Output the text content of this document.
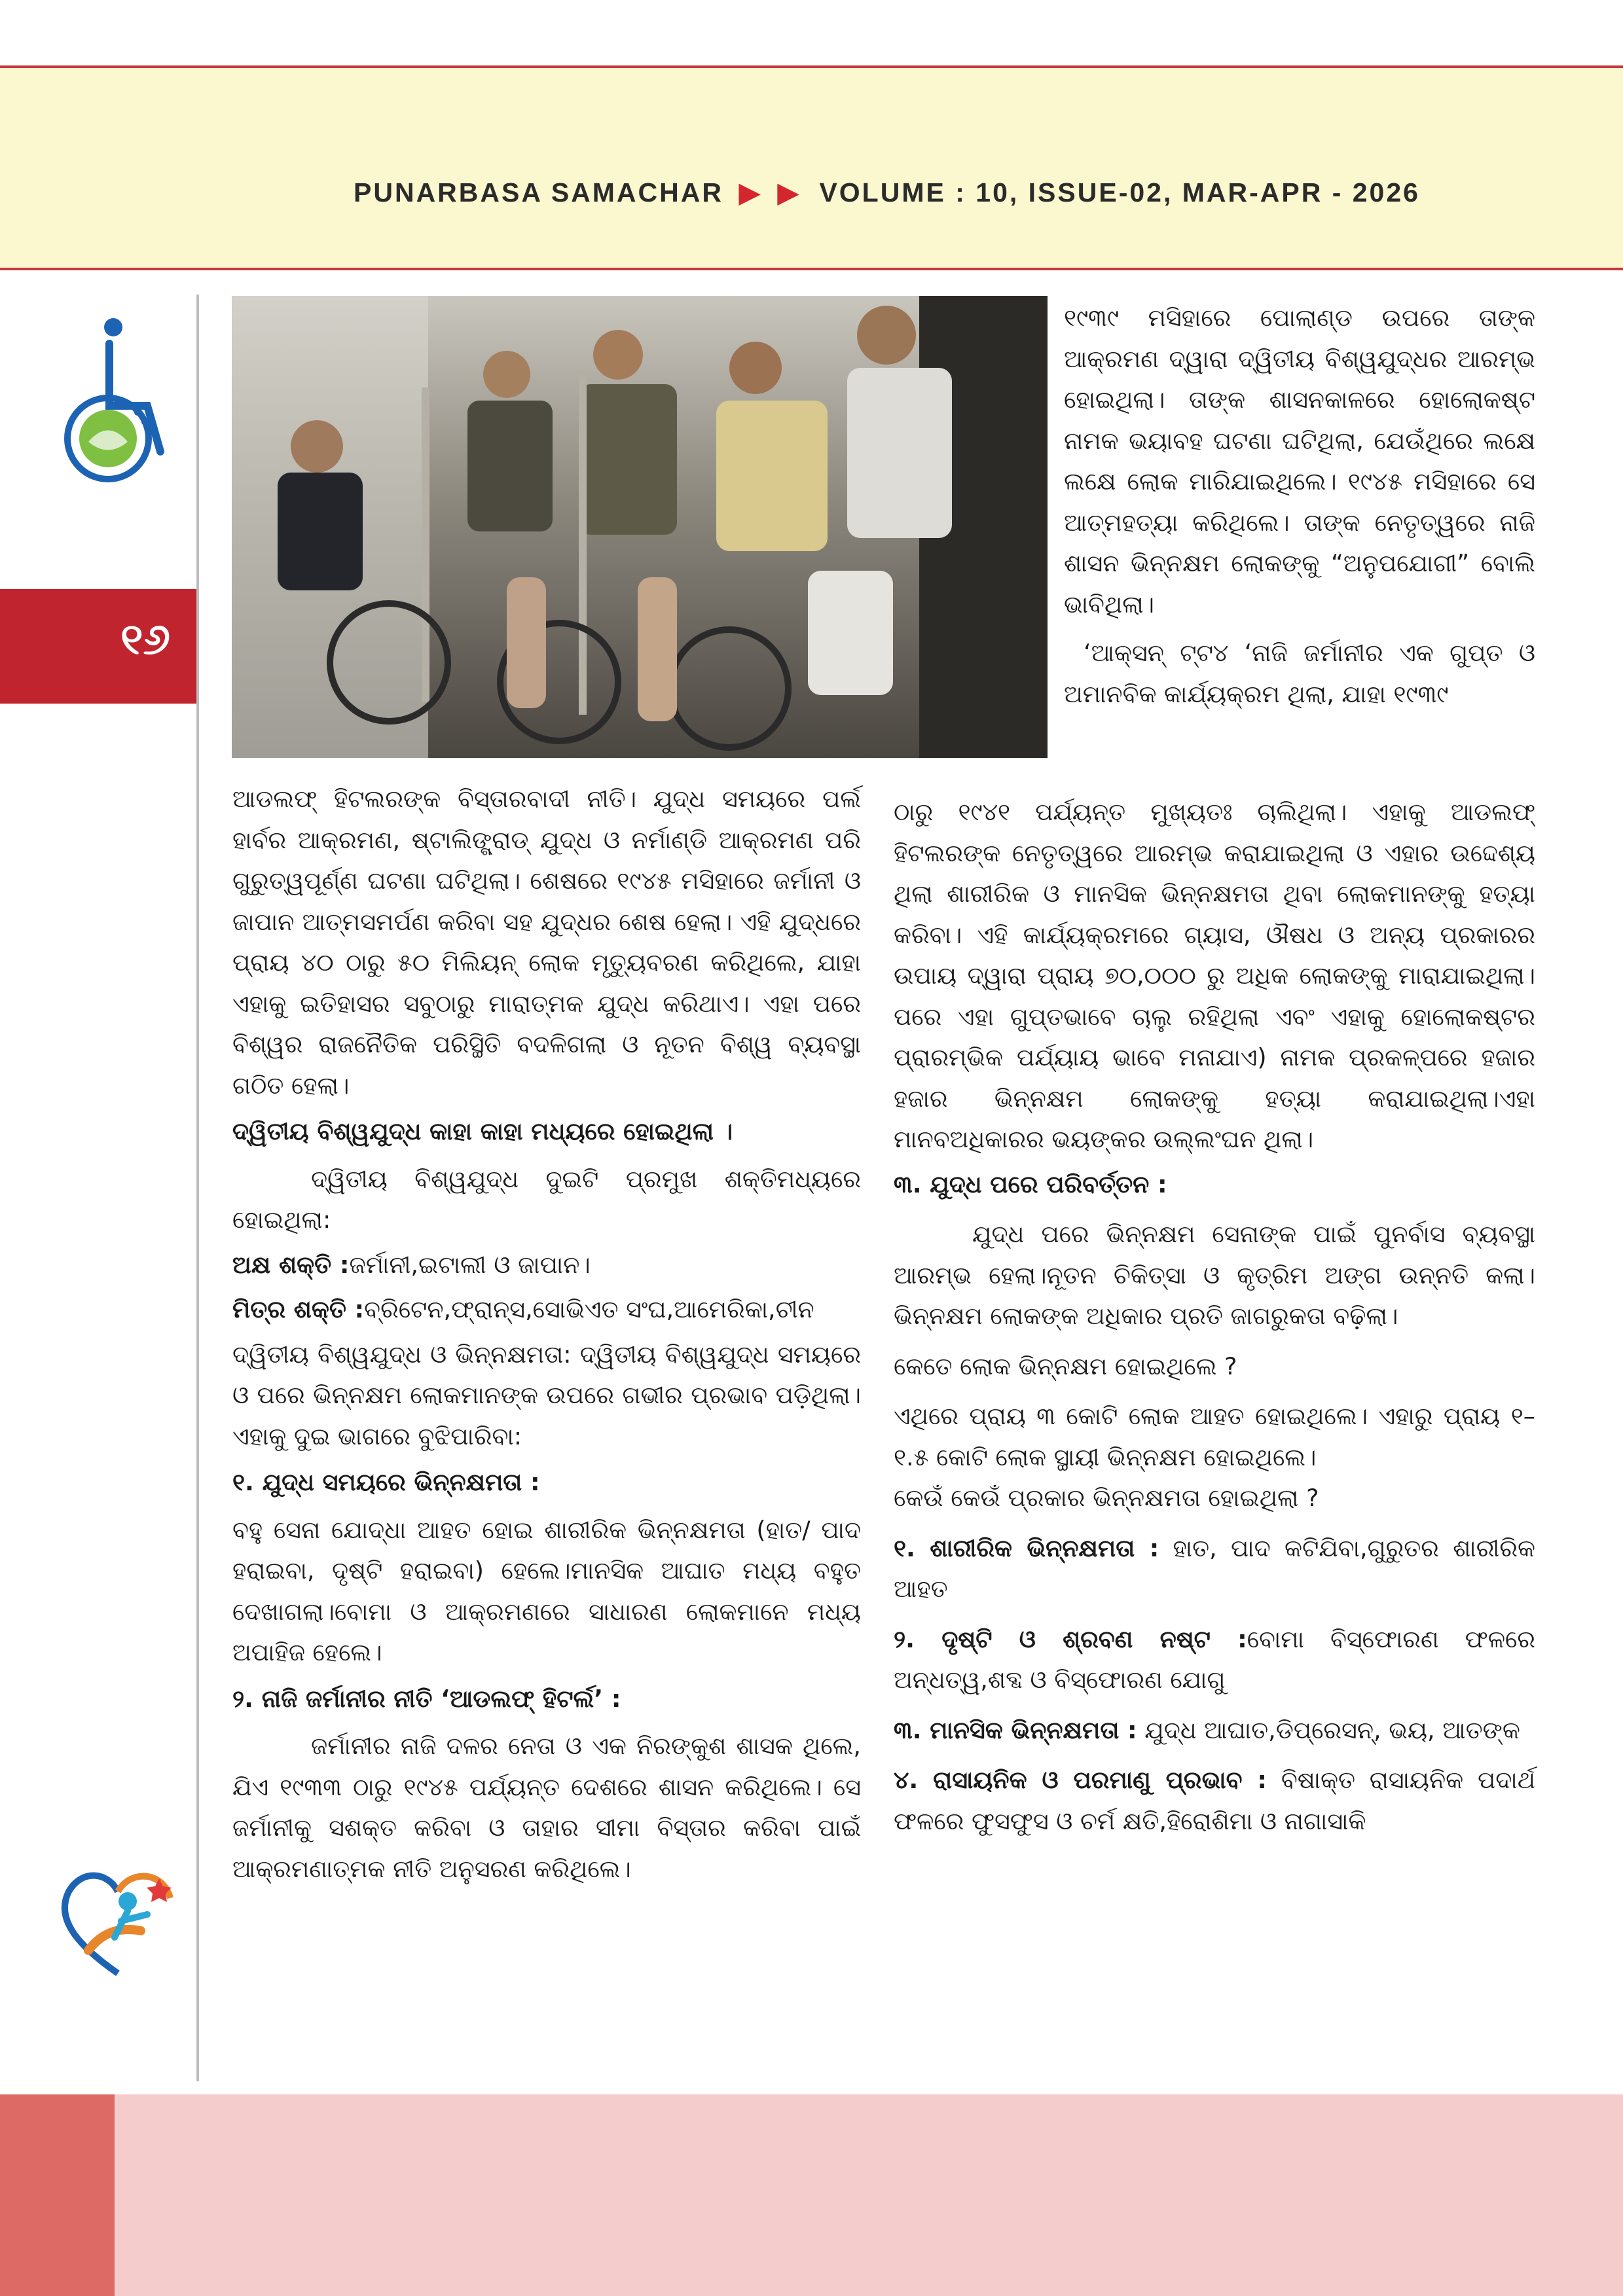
PUNARBASA SAMACHAR ▶ ▶ VOLUME : 10, ISSUE-02, MAR-APR - 2026
୧୬

୧୯୩୯ ମସିହାରେ ପୋଲାଣ୍ଡ ଉପରେ ତାଙ୍କ ଆକ୍ରମଣ ଦ୍ୱାରା ଦ୍ୱିତୀୟ ବିଶ୍ୱଯୁଦ୍ଧର ଆରମ୍ଭ ହୋଇଥିଲା। ତାଙ୍କ ଶାସନକାଳରେ ହୋଲୋକଷ୍ଟ ନାମକ ଭୟାବହ ଘଟଣା ଘଟିଥିଲା, ଯେଉଁଥିରେ ଲକ୍ଷେ ଲକ୍ଷେ ଲୋକ ମାରିଯାଇଥିଲେ। ୧୯୪୫ ମସିହାରେ ସେ ଆତ୍ମହତ୍ୟା କରିଥିଲେ। ତାଙ୍କ ନେତୃତ୍ୱରେ ନାଜି ଶାସନ ଭିନ୍ନକ୍ଷମ ଲୋକଙ୍କୁ “ଅନୁପଯୋଗୀ” ବୋଲି ଭାବିଥିଲା।

‘ଆକ୍ସନ୍ ଟ୍ଟ୪ ‘ନାଜି ଜର୍ମାନୀର ଏକ ଗୁପ୍ତ ଓ ଅମାନବିକ କାର୍ଯ୍ୟକ୍ରମ ଥିଲା, ଯାହା ୧୯୩୯

ଠାରୁ ୧୯୪୧ ପର୍ଯ୍ୟନ୍ତ ମୁଖ୍ୟତଃ ଚାଲିଥିଲା। ଏହାକୁ ଆଡଲଫ୍ ହିଟଲରଙ୍କ ନେତୃତ୍ୱରେ ଆରମ୍ଭ କରାଯାଇଥିଲା ଓ ଏହାର ଉଦ୍ଦେଶ୍ୟ ଥିଲା ଶାରୀରିକ ଓ ମାନସିକ ଭିନ୍ନକ୍ଷମତା ଥିବା ଲୋକମାନଙ୍କୁ ହତ୍ୟା କରିବା। ଏହି କାର୍ଯ୍ୟକ୍ରମରେ ଗ୍ୟାସ, ଔଷଧ ଓ ଅନ୍ୟ ପ୍ରକାରର ଉପାୟ ଦ୍ୱାରା ପ୍ରାୟ ୭୦,୦୦୦ ରୁ ଅଧିକ ଲୋକଙ୍କୁ ମାରାଯାଇଥିଲା। ପରେ ଏହା ଗୁପ୍ତଭାବେ ଚାଲୁ ରହିଥିଲା ଏବଂ ଏହାକୁ ହୋଲୋକଷ୍ଟର ପ୍ରାରମ୍ଭିକ ପର୍ଯ୍ୟାୟ ଭାବେ ମନାଯାଏ) ନାମକ ପ୍ରକଳ୍ପରେ ହଜାର ହଜାର ଭିନ୍ନକ୍ଷମ ଲୋକଙ୍କୁ ହତ୍ୟା କରାଯାଇଥିଲା।ଏହା ମାନବଅଧିକାରର ଭୟଙ୍କର ଉଲ୍ଲଂଘନ ଥିଲା।

୩. ଯୁଦ୍ଧ ପରେ ପରିବର୍ତ୍ତନ :

ଯୁଦ୍ଧ ପରେ ଭିନ୍ନକ୍ଷମ ସେନାଙ୍କ ପାଇଁ ପୁନର୍ବାସ ବ୍ୟବସ୍ଥା ଆରମ୍ଭ ହେଲା।ନୂତନ ଚିକିତ୍ସା ଓ କୃତ୍ରିମ ଅଙ୍ଗ ଉନ୍ନତି କଲା।ଭିନ୍ନକ୍ଷମ ଲୋକଙ୍କ ଅଧିକାର ପ୍ରତି ଜାଗରୁକତା ବଢ଼ିଲା।

କେତେ ଲୋକ ଭିନ୍ନକ୍ଷମ ହୋଇଥିଲେ ?

ଏଥିରେ ପ୍ରାୟ ୩ କୋଟି ଲୋକ ଆହତ ହୋଇଥିଲେ। ଏହାରୁ ପ୍ରାୟ ୧–୧.୫ କୋଟି ଲୋକ ସ୍ଥାୟୀ ଭିନ୍ନକ୍ଷମ ହୋଇଥିଲେ।

କେଉଁ କେଉଁ ପ୍ରକାର ଭିନ୍ନକ୍ଷମତା ହୋଇଥିଲା ?

୧. ଶାରୀରିକ ଭିନ୍ନକ୍ଷମତା : ହାତ, ପାଦ କଟିଯିବା,ଗୁରୁତର ଶାରୀରିକ ଆହତ

୨. ଦୃଷ୍ଟି ଓ ଶ୍ରବଣ ନଷ୍ଟ :ବୋମା ବିସ୍ଫୋରଣ ଫଳରେ ଅନ୍ଧତ୍ୱ,ଶବ୍ଦ ଓ ବିସ୍ଫୋରଣ ଯୋଗୁ

୩. ମାନସିକ ଭିନ୍ନକ୍ଷମତା : ଯୁଦ୍ଧ ଆଘାତ,ଡିପ୍ରେସନ୍, ଭୟ, ଆତଙ୍କ

୪. ରାସାୟନିକ ଓ ପରମାଣୁ ପ୍ରଭାବ : ବିଷାକ୍ତ ରାସାୟନିକ ପଦାର୍ଥ ଫଳରେ ଫୁସଫୁସ ଓ ଚର୍ମ କ୍ଷତି,ହିରୋଶିମା ଓ ନାଗାସାକି

ଆଡଲଫ୍ ହିଟଲରଙ୍କ ବିସ୍ତାରବାଦୀ ନୀତି। ଯୁଦ୍ଧ ସମୟରେ ପର୍ଲ ହାର୍ବର ଆକ୍ରମଣ, ଷ୍ଟାଲିଙ୍ଗ୍ରାଡ୍ ଯୁଦ୍ଧ ଓ ନର୍ମାଣ୍ଡି ଆକ୍ରମଣ ପରି ଗୁରୁତ୍ୱପୂର୍ଣ୍ଣ ଘଟଣା ଘଟିଥିଲା। ଶେଷରେ ୧୯୪୫ ମସିହାରେ ଜର୍ମାନୀ ଓ ଜାପାନ ଆତ୍ମସମର୍ପଣ କରିବା ସହ ଯୁଦ୍ଧର ଶେଷ ହେଲା। ଏହି ଯୁଦ୍ଧରେ ପ୍ରାୟ ୪୦ ଠାରୁ ୫୦ ମିଲିୟନ୍ ଲୋକ ମୃତ୍ୟୁବରଣ କରିଥିଲେ, ଯାହା ଏହାକୁ ଇତିହାସର ସବୁଠାରୁ ମାରାତ୍ମକ ଯୁଦ୍ଧ କରିଥାଏ। ଏହା ପରେ ବିଶ୍ୱର ରାଜନୈତିକ ପରିସ୍ଥିତି ବଦଳିଗଲା ଓ ନୂତନ ବିଶ୍ୱ ବ୍ୟବସ୍ଥା ଗଠିତ ହେଲା।

ଦ୍ୱିତୀୟ ବିଶ୍ୱଯୁଦ୍ଧ କାହା କାହା ମଧ୍ୟରେ ହୋଇଥିଲା ।

ଦ୍ୱିତୀୟ ବିଶ୍ୱଯୁଦ୍ଧ ଦୁଇଟି ପ୍ରମୁଖ ଶକ୍ତିମଧ୍ୟରେ ହୋଇଥିଲା:

ଅକ୍ଷ ଶକ୍ତି :ଜର୍ମାନୀ,ଇଟାଲୀ ଓ ଜାପାନ।

ମିତ୍ର ଶକ୍ତି :ବ୍ରିଟେନ,ଫ୍ରାନ୍ସ,ସୋଭିଏତ ସଂଘ,ଆମେରିକା,ଚୀନ

ଦ୍ୱିତୀୟ ବିଶ୍ୱଯୁଦ୍ଧ ଓ ଭିନ୍ନକ୍ଷମତା: ଦ୍ୱିତୀୟ ବିଶ୍ୱଯୁଦ୍ଧ ସମୟରେ ଓ ପରେ ଭିନ୍ନକ୍ଷମ ଲୋକମାନଙ୍କ ଉପରେ ଗଭୀର ପ୍ରଭାବ ପଡ଼ିଥିଲା। ଏହାକୁ ଦୁଇ ଭାଗରେ ବୁଝିପାରିବା:

୧. ଯୁଦ୍ଧ ସମୟରେ ଭିନ୍ନକ୍ଷମତା :

ବହୁ ସେନା ଯୋଦ୍ଧା ଆହତ ହୋଇ ଶାରୀରିକ ଭିନ୍ନକ୍ଷମତା (ହାତ/ ପାଦ ହରାଇବା, ଦୃଷ୍ଟି ହରାଇବା) ହେଲେ।ମାନସିକ ଆଘାତ ମଧ୍ୟ ବହୁତ ଦେଖାଗଲା।ବୋମା ଓ ଆକ୍ରମଣରେ ସାଧାରଣ ଲୋକମାନେ ମଧ୍ୟ ଅପାହିଜ ହେଲେ।

୨. ନାଜି ଜର୍ମାନୀର ନୀତି ‘ଆଡଲଫ୍ ହିଟର୍ଲ’ :

ଜର୍ମାନୀର ନାଜି ଦଳର ନେତା ଓ ଏକ ନିରଙ୍କୁଶ ଶାସକ ଥିଲେ, ଯିଏ ୧୯୩୩ ଠାରୁ ୧୯୪୫ ପର୍ଯ୍ୟନ୍ତ ଦେଶରେ ଶାସନ କରିଥିଲେ। ସେ ଜର୍ମାନୀକୁ ସଶକ୍ତ କରିବା ଓ ତାହାର ସୀମା ବିସ୍ତାର କରିବା ପାଇଁ ଆକ୍ରମଣାତ୍ମକ ନୀତି ଅନୁସରଣ କରିଥିଲେ।
